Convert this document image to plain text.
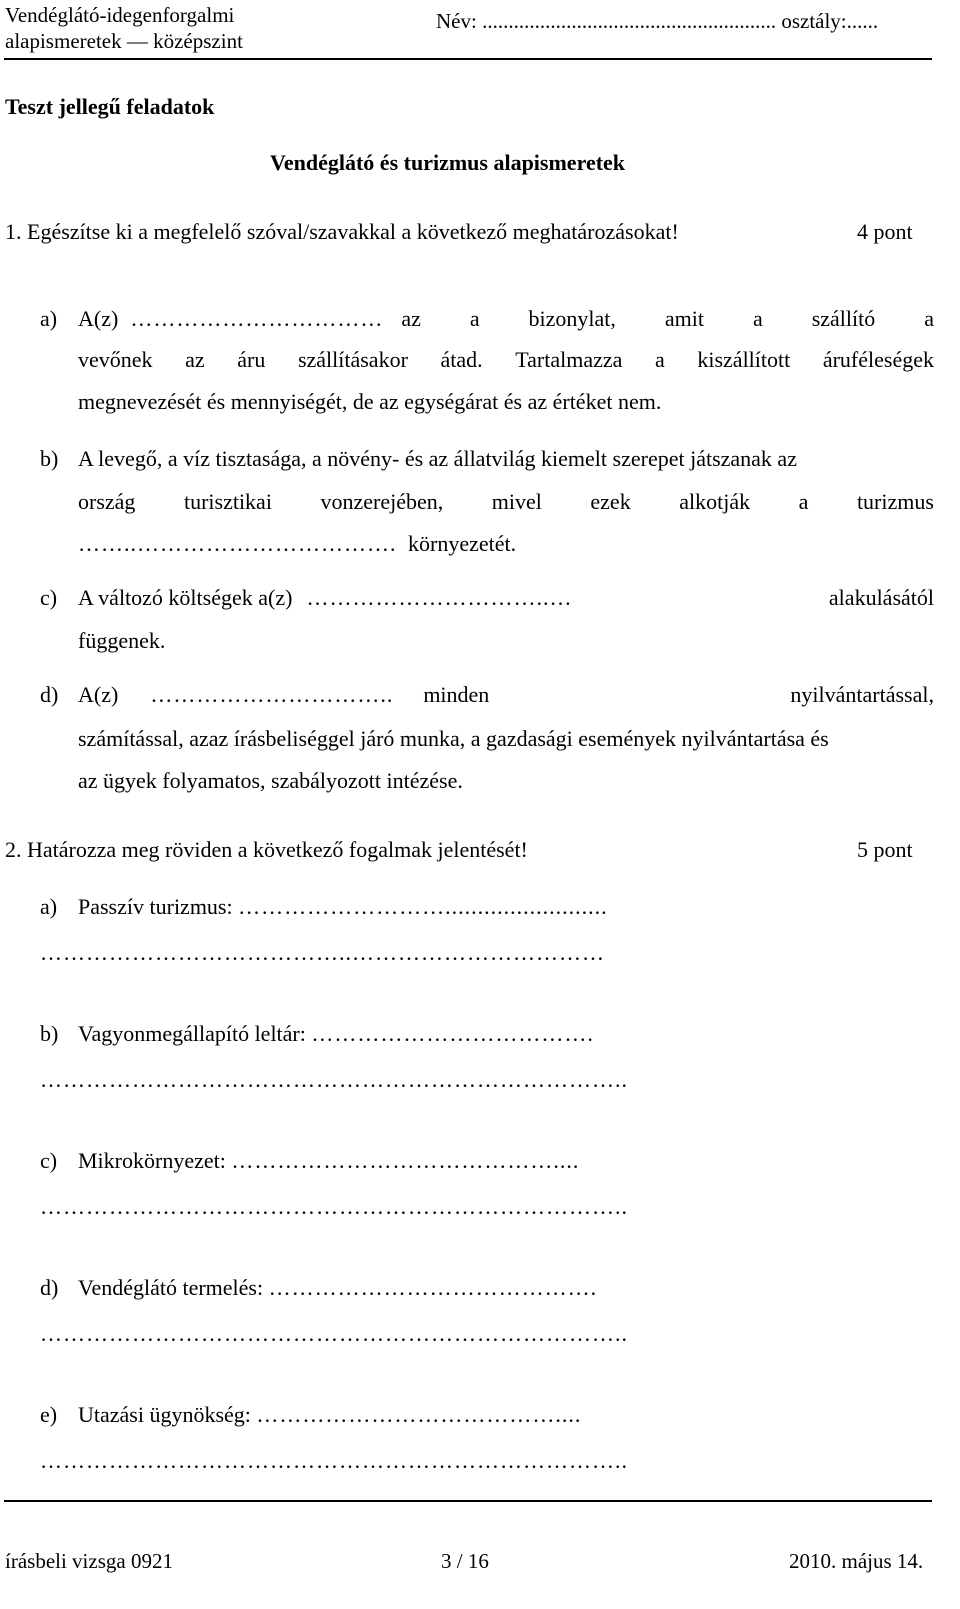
Vendéglátó-idegenforgalmi
alapismeretek — középszint
Név: ........................................................ osztály:......
Teszt jellegű feladatok
Vendéglátó és turizmus alapismeretek
1. Egészítse ki a megfelelő szóval/szavakkal a következő meghatározásokat!	4 pont
a) A(z) …………………………… az a bizonylat, amit a szállító a
vevőnek az áru szállításakor átad. Tartalmazza a kiszállított áruféleségek
megnevezését és mennyiségét, de az egységárat és az értéket nem.
b) A levegő, a víz tisztasága, a növény- és az állatvilág kiemelt szerepet játszanak az
ország turisztikai vonzerejében, mivel ezek alkotják a turizmus
……..……………………………. környezetét.
c) A változó költségek a(z) …………………………..…	alakulásától
függenek.
d) A(z) ………………………….. minden	nyilvántartással,
számítással, azaz írásbeliséggel járó munka, a gazdasági események nyilvántartása és
az ügyek folyamatos, szabályozott intézése.
2. Határozza meg röviden a következő fogalmak jelentését!	5 pont
a) Passzív turizmus: ……………………….........................
…………………………………..……………………………
b) Vagyonmegállapító leltár: ……………………………….
…………………………………………………………………..
c) Mikrokörnyezet: ……………………………………....
…………………………………………………………………..
d) Vendéglátó termelés: …………………………………….
…………………………………………………………………..
e) Utazási ügynökség: …………………………………....
…………………………………………………………………..
írásbeli vizsga 0921	3 / 16	2010. május 14.
